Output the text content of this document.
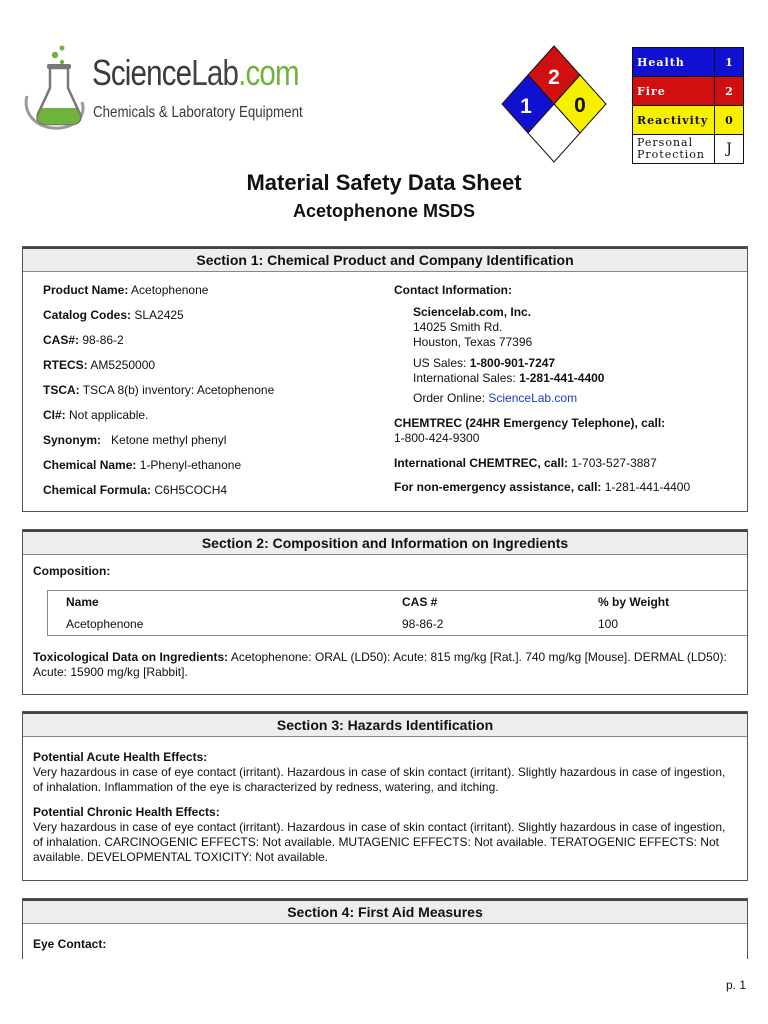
ScienceLab.com
Chemicals & Laboratory Equipment
2
1 0
Health	1
Fire	2
Reactivity	0
Personal Protection	J
Material Safety Data Sheet
Acetophenone MSDS
Section 1: Chemical Product and Company Identification
Product Name: Acetophenone
Catalog Codes: SLA2425
CAS#: 98-86-2
RTECS: AM5250000
TSCA: TSCA 8(b) inventory: Acetophenone
CI#: Not applicable.
Synonym:   Ketone methyl phenyl
Chemical Name: 1-Phenyl-ethanone
Chemical Formula: C6H5COCH4
Contact Information:
Sciencelab.com, Inc.
14025 Smith Rd.
Houston, Texas 77396
US Sales: 1-800-901-7247
International Sales: 1-281-441-4400
Order Online: ScienceLab.com
CHEMTREC (24HR Emergency Telephone), call:
1-800-424-9300
International CHEMTREC, call: 1-703-527-3887
For non-emergency assistance, call: 1-281-441-4400
Section 2: Composition and Information on Ingredients
Composition:
Name	CAS #	% by Weight
Acetophenone	98-86-2	100
Toxicological Data on Ingredients: Acetophenone: ORAL (LD50): Acute: 815 mg/kg [Rat.]. 740 mg/kg [Mouse]. DERMAL (LD50): Acute: 15900 mg/kg [Rabbit].
Section 3: Hazards Identification
Potential Acute Health Effects:
Very hazardous in case of eye contact (irritant). Hazardous in case of skin contact (irritant). Slightly hazardous in case of ingestion, of inhalation. Inflammation of the eye is characterized by redness, watering, and itching.
Potential Chronic Health Effects:
Very hazardous in case of eye contact (irritant). Hazardous in case of skin contact (irritant). Slightly hazardous in case of ingestion, of inhalation. CARCINOGENIC EFFECTS: Not available. MUTAGENIC EFFECTS: Not available. TERATOGENIC EFFECTS: Not available. DEVELOPMENTAL TOXICITY: Not available.
Section 4: First Aid Measures
Eye Contact:
p. 1
